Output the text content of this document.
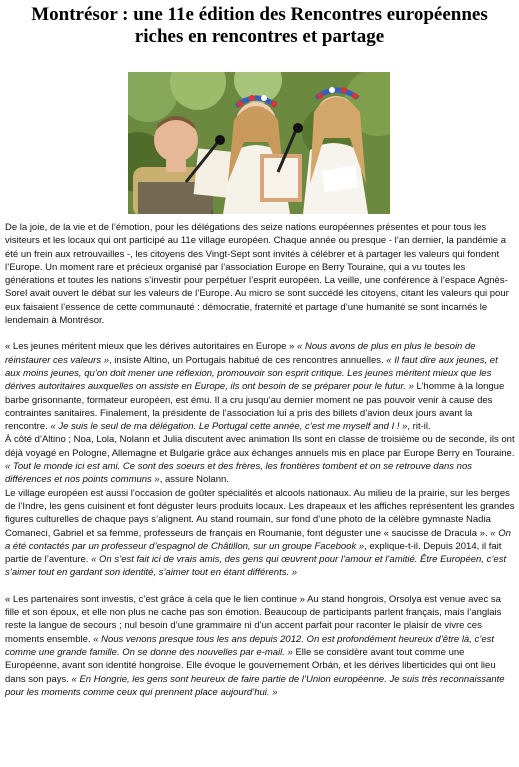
Montrésor : une 11e édition des Rencontres européennes riches en rencontres et partage

De la joie, de la vie et de l’émotion, pour les délégations des seize nations européennes présentes et pour tous les visiteurs et les locaux qui ont participé au 11e village européen. Chaque année ou presque - l’an dernier, la pandémie a été un frein aux retrouvailles -, les citoyens des Vingt-Sept sont invités à célébrer et à partager les valeurs qui fondent l’Europe. Un moment rare et précieux organisé par l’association Europe en Berry Touraine, qui a vu toutes les générations et toutes les nations s’investir pour perpétuer l’esprit européen. La veille, une conférence à l’espace Agnès-Sorel avait ouvert le débat sur les valeurs de l’Europe. Au micro se sont succédé les citoyens, citant les valeurs qui pour eux faisaient l’essence de cette communauté : démocratie, fraternité et partage d’une humanité se sont incarnés le lendemain à Montrésor.

« Les jeunes méritent mieux que les dérives autoritaires en Europe » « Nous avons de plus en plus le besoin de réinstaurer ces valeurs », insiste Altino, un Portugais habitué de ces rencontres annuelles. « Il faut dire aux jeunes, et aux moins jeunes, qu’on doit mener une réflexion, promouvoir son esprit critique. Les jeunes méritent mieux que les dérives autoritaires auxquelles on assiste en Europe, ils ont besoin de se préparer pour le futur. » L’homme à la longue barbe grisonnante, formateur européen, est ému. Il a cru jusqu’au dernier moment ne pas pouvoir venir à cause des contraintes sanitaires. Finalement, la présidente de l’association lui a pris des billets d’avion deux jours avant la rencontre. « Je suis le seul de ma délégation. Le Portugal cette année, c’est me myself and I ! », rit-il.

À côté d’Altino ; Noa, Lola, Nolann et Julia discutent avec animation Ils sont en classe de troisième ou de seconde, ils ont déjà voyagé en Pologne, Allemagne et Bulgarie grâce aux échanges annuels mis en place par Europe Berry en Touraine. « Tout le monde ici est ami. Ce sont des soeurs et des frères, les frontières tombent et on se retrouve dans nos différences et nos points communs », assure Nolann.

Le village européen est aussi l’occasion de goûter spécialités et alcools nationaux. Au milieu de la prairie, sur les berges de l’Indre, les gens cuisinent et font déguster leurs produits locaux. Les drapeaux et les affiches représentent les grandes figures culturelles de chaque pays s’alignent. Au stand roumain, sur fond d’une photo de la célèbre gymnaste Nadia Comaneci, Gabriel et sa femme, professeurs de français en Roumanie, font déguster une « saucisse de Dracula ». « On a été contactés par un professeur d’espagnol de Châtillon, sur un groupe Facebook », explique-t-il. Depuis 2014, il fait partie de l’aventure. « On s’est fait ici de vrais amis, des gens qui œuvrent pour l’amour et l’amitié. Être Européen, c’est s’aimer tout en gardant son identité, s’aimer tout en étant différents. »

« Les partenaires sont investis, c’est grâce à cela que le lien continue » Au stand hongrois, Orsolya est venue avec sa fille et son époux, et elle non plus ne cache pas son émotion. Beaucoup de participants parlent français, mais l’anglais reste la langue de secours ; nul besoin d’une grammaire ni d’un accent parfait pour raconter le plaisir de vivre ces moments ensemble. « Nous venons presque tous les ans depuis 2012. On est profondément heureux d’être là, c’est comme une grande famille. On se donne des nouvelles par e-mail. » Elle se considère avant tout comme une Européenne, avant son identité hongroise. Elle évoque le gouvernement Orbán, et les dérives liberticides qui ont lieu dans son pays. « En Hongrie, les gens sont heureux de faire partie de l’Union européenne. Je suis très reconnaissante pour les moments comme ceux qui prennent place aujourd’hui. »
